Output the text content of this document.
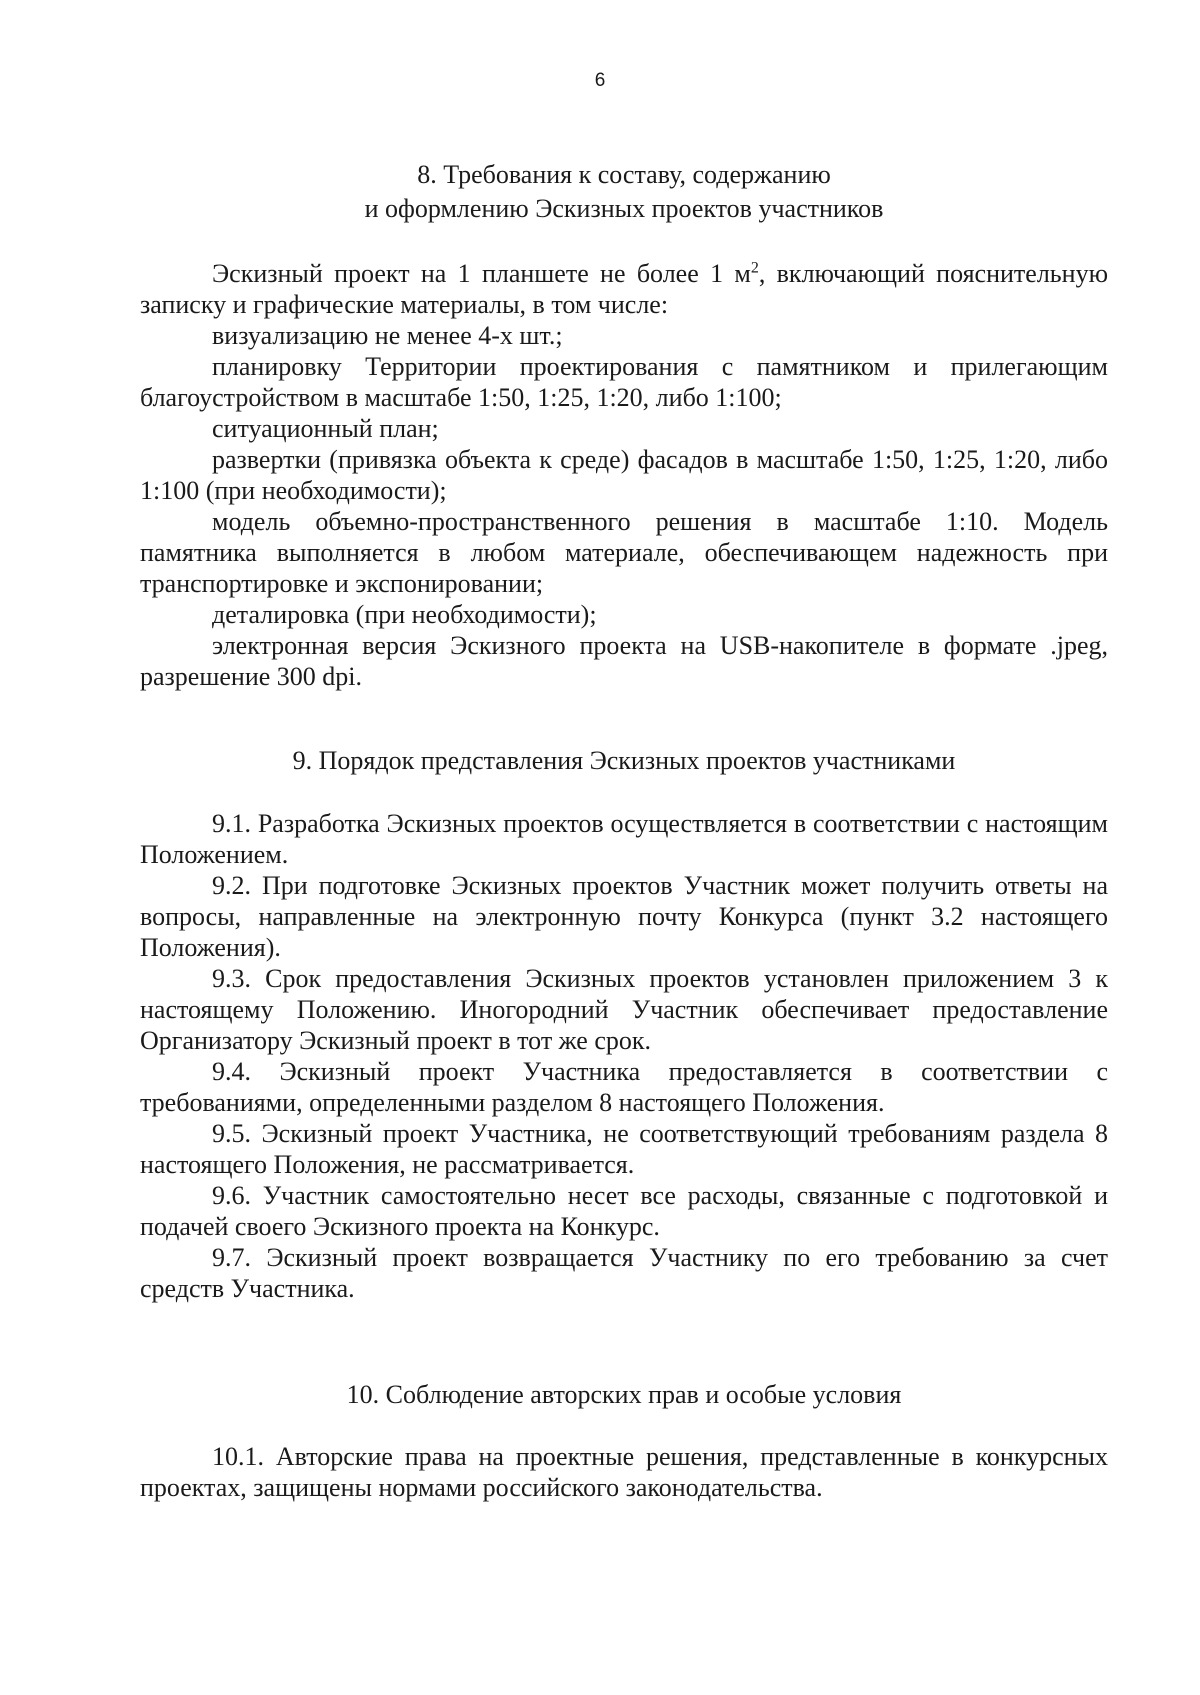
6

8. Требования к составу, содержанию

и оформлению Эскизных проектов участников

Эскизный проект на 1 планшете не более 1 $м^2$, включающий пояснительную записку и графические материалы, в том числе:

визуализацию не менее 4-х шт.;

планировку Территории проектирования с памятником и прилегающим благоустройством в масштабе 1:50, 1:25, 1:20, либо 1:100;

ситуационный план;

развертки (привязка объекта к среде) фасадов в масштабе 1:50, 1:25, 1:20, либо 1:100 (при необходимости);

модель объемно-пространственного решения в масштабе 1:10. Модель памятника выполняется в любом материале, обеспечивающем надежность при транспортировке и экспонировании;

деталировка (при необходимости);

электронная версия Эскизного проекта на USB-накопителе в формате .jpeg, разрешение 300 dpi.

9. Порядок представления Эскизных проектов участниками

9.1. Разработка Эскизных проектов осуществляется в соответствии с настоящим Положением.

9.2. При подготовке Эскизных проектов Участник может получить ответы на вопросы, направленные на электронную почту Конкурса (пункт 3.2 настоящего Положения).

9.3. Срок предоставления Эскизных проектов установлен приложением 3 к настоящему Положению. Иногородний Участник обеспечивает предоставление Организатору Эскизный проект в тот же срок.

9.4. Эскизный проект Участника предоставляется в соответствии с требованиями, определенными разделом 8 настоящего Положения.

9.5. Эскизный проект Участника, не соответствующий требованиям раздела 8 настоящего Положения, не рассматривается.

9.6. Участник самостоятельно несет все расходы, связанные с подготовкой и подачей своего Эскизного проекта на Конкурс.

9.7. Эскизный проект возвращается Участнику по его требованию за счет средств Участника.

10. Соблюдение авторских прав и особые условия

10.1. Авторские права на проектные решения, представленные в конкурсных проектах, защищены нормами российского законодательства.
